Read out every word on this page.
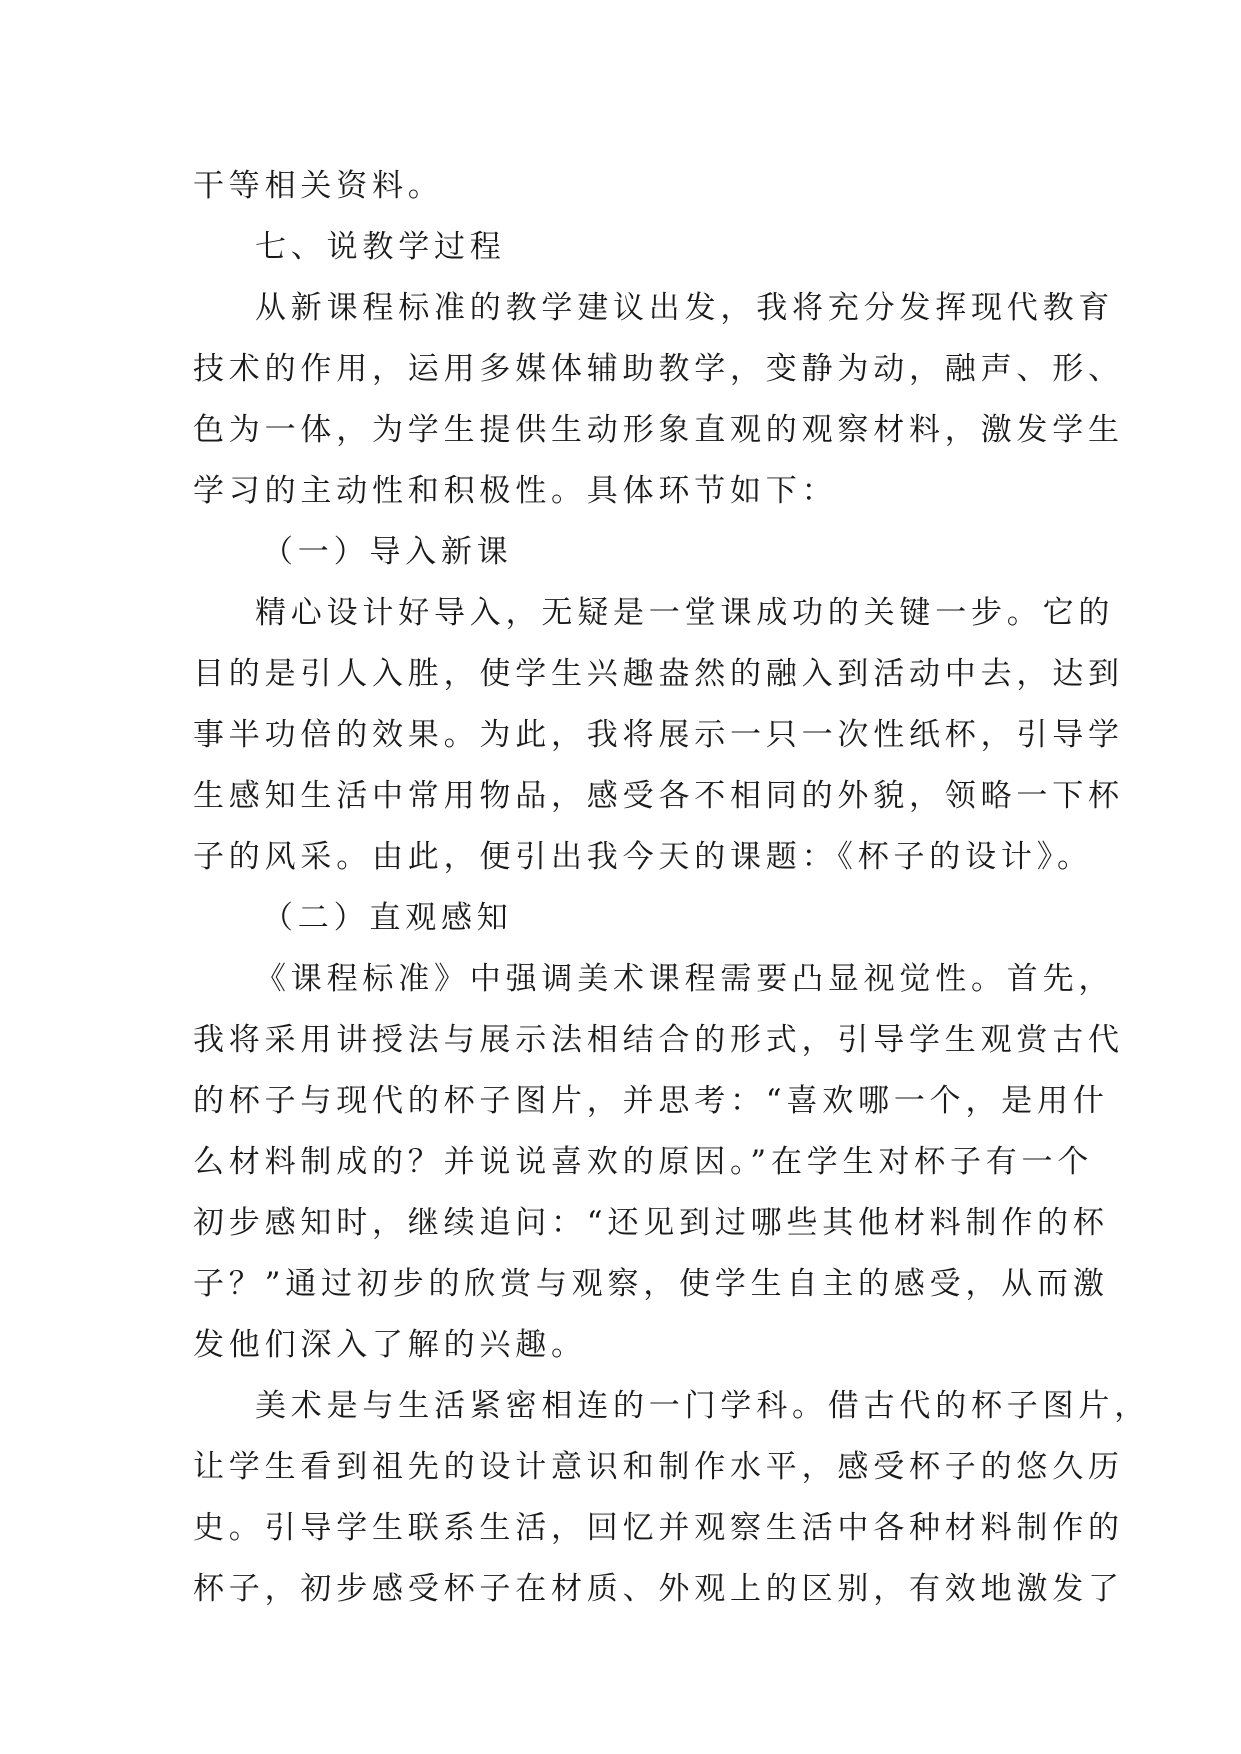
干等相关资料。

七、说教学过程

从新课程标准的教学建议出发，我将充分发挥现代教育

技术的作用，运用多媒体辅助教学，变静为动，融声、形、

色为一体，为学生提供生动形象直观的观察材料，激发学生

学习的主动性和积极性。具体环节如下：

（一）导入新课

精心设计好导入，无疑是一堂课成功的关键一步。它的

目的是引人入胜，使学生兴趣盎然的融入到活动中去，达到

事半功倍的效果。为此，我将展示一只一次性纸杯，引导学

生感知生活中常用物品，感受各不相同的外貌，领略一下杯

子的风采。由此，便引出我今天的课题：《杯子的设计》。

（二）直观感知

《课程标准》中强调美术课程需要凸显视觉性。首先，

我将采用讲授法与展示法相结合的形式，引导学生观赏古代

的杯子与现代的杯子图片，并思考：“喜欢哪一个，是用什

么材料制成的？并说说喜欢的原因。”在学生对杯子有一个

初步感知时，继续追问：“还见到过哪些其他材料制作的杯

子？”通过初步的欣赏与观察，使学生自主的感受，从而激

发他们深入了解的兴趣。

美术是与生活紧密相连的一门学科。借古代的杯子图片，

让学生看到祖先的设计意识和制作水平，感受杯子的悠久历

史。引导学生联系生活，回忆并观察生活中各种材料制作的

杯子，初步感受杯子在材质、外观上的区别，有效地激发了
